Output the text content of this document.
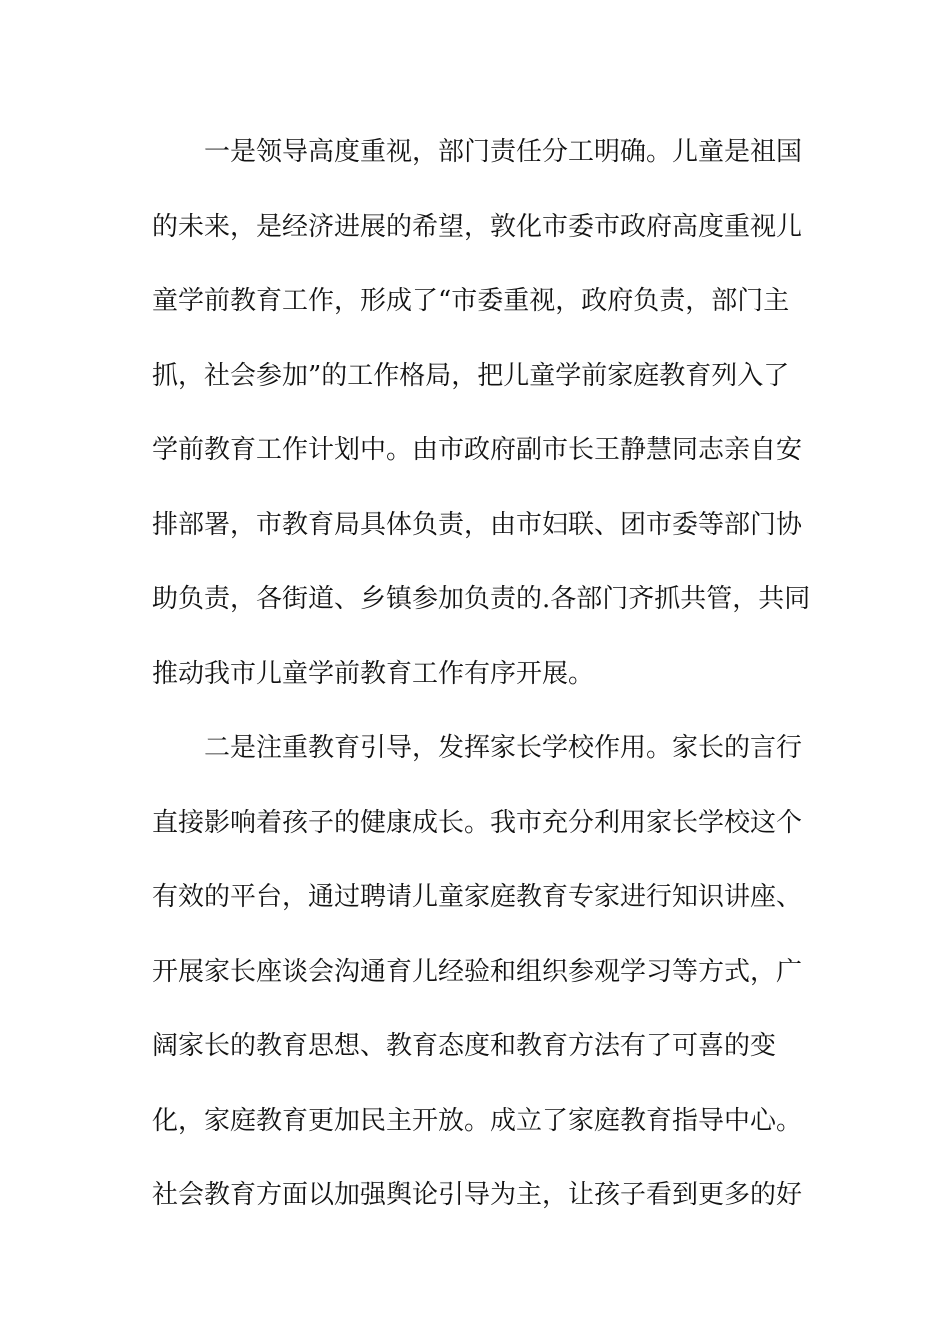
一是领导高度重视，部门责任分工明确。儿童是祖国
的未来，是经济进展的希望，敦化市委市政府高度重视儿
童学前教育工作，形成了“市委重视，政府负责，部门主
抓，社会参加”的工作格局，把儿童学前家庭教育列入了
学前教育工作计划中。由市政府副市长王静慧同志亲自安
排部署，市教育局具体负责，由市妇联、团市委等部门协
助负责，各街道、乡镇参加负责的.各部门齐抓共管，共同
推动我市儿童学前教育工作有序开展。
二是注重教育引导，发挥家长学校作用。家长的言行
直接影响着孩子的健康成长。我市充分利用家长学校这个
有效的平台，通过聘请儿童家庭教育专家进行知识讲座、
开展家长座谈会沟通育儿经验和组织参观学习等方式，广
阔家长的教育思想、教育态度和教育方法有了可喜的变
化，家庭教育更加民主开放。成立了家庭教育指导中心。
社会教育方面以加强舆论引导为主，让孩子看到更多的好
